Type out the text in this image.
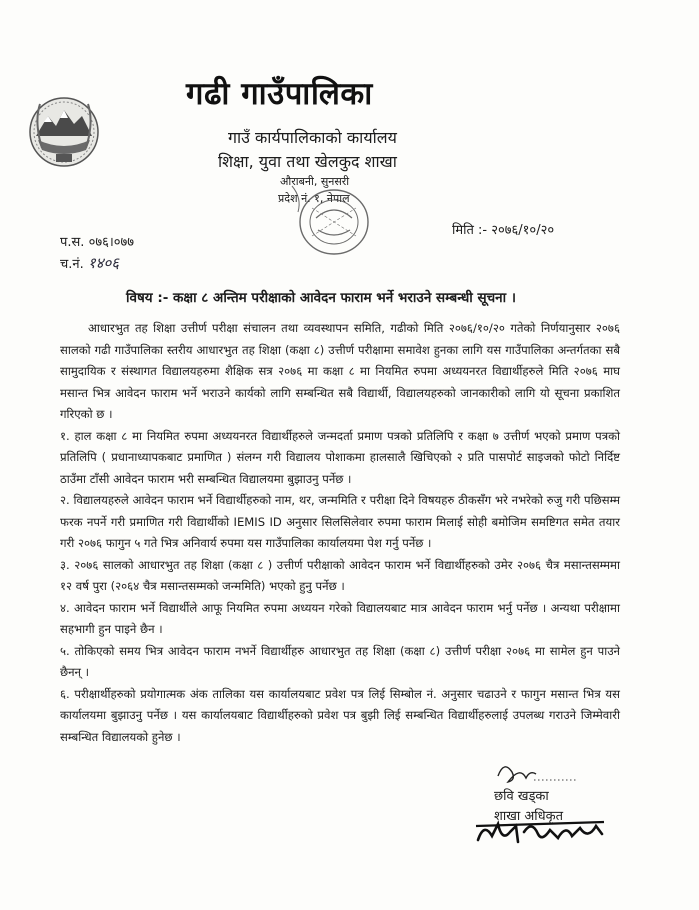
गढी गाउँपालिका
गाउँ कार्यपालिकाको कार्यालय
शिक्षा, युवा तथा खेलकुद शाखा
औराबनी, सुनसरी
प्रदेश नं. १, नेपाल
मिति :- २०७६/१०/२०
प.स. ०७६।०७७
च.नं. १४०६
विषय :- कक्षा ८ अन्तिम परीक्षाको आवेदन फाराम भर्ने भराउने सम्बन्धी सूचना ।

आधारभुत तह शिक्षा उत्तीर्ण परीक्षा संचालन तथा व्यवस्थापन समिति, गढीको मिति २०७६/१०/२० गतेको निर्णयानुसार २०७६ सालको गढी गाउँपालिका स्तरीय आधारभुत तह शिक्षा (कक्षा ८) उत्तीर्ण परीक्षामा समावेश हुनका लागि यस गाउँपालिका अन्तर्गतका सबै सामुदायिक र संस्थागत विद्यालयहरुमा शैक्षिक सत्र २०७६ मा कक्षा ८ मा नियमित रुपमा अध्ययनरत विद्यार्थीहरुले मिति २०७६ माघ मसान्त भित्र आवेदन फाराम भर्ने भराउने कार्यको लागि सम्बन्धित सबै विद्यार्थी, विद्यालयहरुको जानकारीको लागि यो सूचना प्रकाशित गरिएको छ ।

१. हाल कक्षा ८ मा नियमित रुपमा अध्ययनरत विद्यार्थीहरुले जन्मदर्ता प्रमाण पत्रको प्रतिलिपि र कक्षा ७ उत्तीर्ण भएको प्रमाण पत्रको प्रतिलिपि ( प्रधानाध्यापकबाट प्रमाणित ) संलग्न गरी विद्यालय पोशाकमा हालसालै खिचिएको २ प्रति पासपोर्ट साइजको फोटो निर्दिष्ट ठाउँमा टाँसी आवेदन फाराम भरी सम्बन्धित विद्यालयमा बुझाउनु पर्नेछ ।

२. विद्यालयहरुले आवेदन फाराम भर्ने विद्यार्थीहरुको नाम, थर, जन्ममिति र परीक्षा दिने विषयहरु ठीकसँग भरे नभरेको रुजु गरी पछिसम्म फरक नपर्ने गरी प्रमाणित गरी विद्यार्थीको IEMIS ID अनुसार सिलसिलेवार रुपमा फाराम मिलाई सोही बमोजिम समष्टिगत समेत तयार गरी २०७६ फागुन ५ गते भित्र अनिवार्य रुपमा यस गाउँपालिका कार्यालयमा पेश गर्नु पर्नेछ ।

३. २०७६ सालको आधारभुत तह शिक्षा (कक्षा ८ ) उत्तीर्ण परीक्षाको आवेदन फाराम भर्ने विद्यार्थीहरुको उमेर २०७६ चैत्र मसान्तसम्ममा १२ वर्ष पुरा (२०६४ चैत्र मसान्तसम्मको जन्ममिति) भएको हुनु पर्नेछ ।

४. आवेदन फाराम भर्ने विद्यार्थीले आफू नियमित रुपमा अध्ययन गरेको विद्यालयबाट मात्र आवेदन फाराम भर्नु पर्नेछ । अन्यथा परीक्षामा सहभागी हुन पाइने छैन ।

५. तोकिएको समय भित्र आवेदन फाराम नभर्ने विद्यार्थीहरु आधारभुत तह शिक्षा (कक्षा ८) उत्तीर्ण परीक्षा २०७६ मा सामेल हुन पाउने छैनन् ।

६. परीक्षार्थीहरुको प्रयोगात्मक अंक तालिका यस कार्यालयबाट प्रवेश पत्र लिई सिम्बोल नं. अनुसार चढाउने र फागुन मसान्त भित्र यस कार्यालयमा बुझाउनु पर्नेछ । यस कार्यालयबाट विद्यार्थीहरुको प्रवेश पत्र बुझी लिई सम्बन्धित विद्यार्थीहरुलाई उपलब्ध गराउने जिम्मेवारी सम्बन्धित विद्यालयको हुनेछ ।

छवि खड्का
शाखा अधिकृत
